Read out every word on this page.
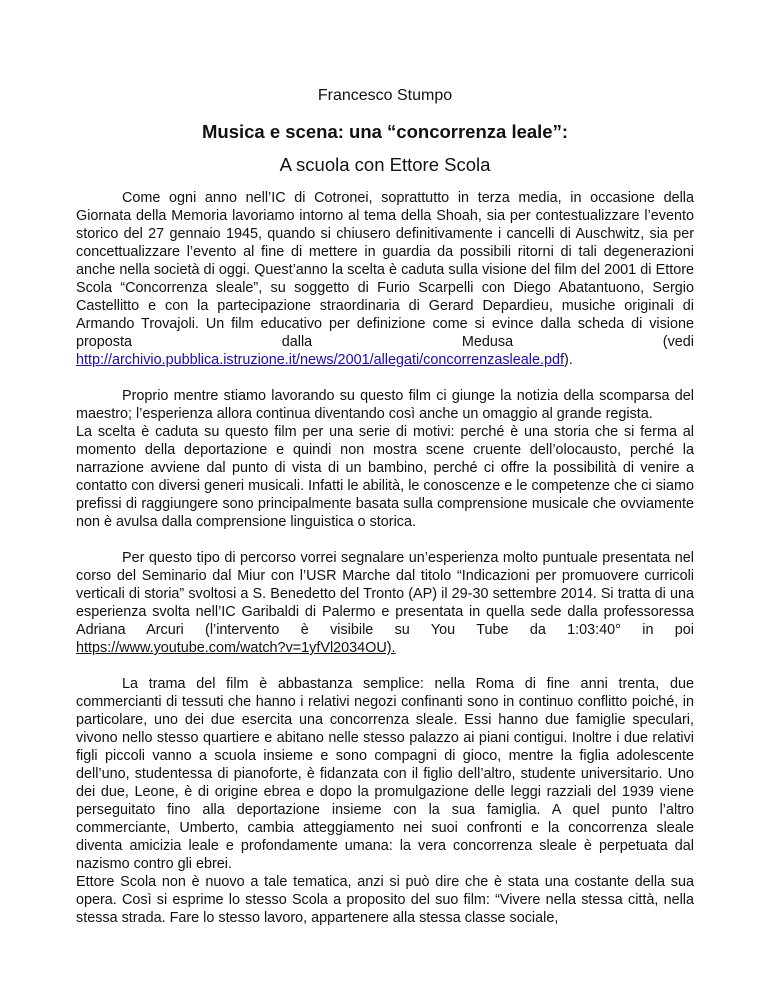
Francesco Stumpo
Musica e scena: una “concorrenza leale”:
A scuola con Ettore Scola

Come ogni anno nell’IC di Cotronei, soprattutto in terza media, in occasione della Giornata della Memoria lavoriamo intorno al tema della Shoah, sia per contestualizzare l’evento storico del 27 gennaio 1945, quando si chiusero definitivamente i cancelli di Auschwitz, sia per concettualizzare l’evento al fine di mettere in guardia da possibili ritorni di tali degenerazioni anche nella società di oggi. Quest’anno la scelta è caduta sulla visione del film del 2001 di Ettore Scola “Concorrenza sleale”, su soggetto di Furio Scarpelli con Diego Abatantuono, Sergio Castellitto e con la partecipazione straordinaria di Gerard Depardieu, musiche originali di Armando Trovajoli. Un film educativo per definizione come si evince dalla scheda di visione proposta dalla Medusa (vedi http://archivio.pubblica.istruzione.it/news/2001/allegati/concorrenzasleale.pdf).

Proprio mentre stiamo lavorando su questo film ci giunge la notizia della scomparsa del maestro; l’esperienza allora continua diventando così anche un omaggio al grande regista.

La scelta è caduta su questo film per una serie di motivi: perché è una storia che si ferma al momento della deportazione e quindi non mostra scene cruente dell’olocausto, perché la narrazione avviene dal punto di vista di un bambino, perché ci offre la possibilità di venire a contatto con diversi generi musicali. Infatti le abilità, le conoscenze e le competenze che ci siamo prefissi di raggiungere sono principalmente basata sulla comprensione musicale che ovviamente non è avulsa dalla comprensione linguistica o storica.

Per questo tipo di percorso vorrei segnalare un’esperienza molto puntuale presentata nel corso del Seminario dal Miur con l’USR Marche dal titolo “Indicazioni per promuovere curricoli verticali di storia” svoltosi a S. Benedetto del Tronto (AP) il 29-30 settembre 2014. Si tratta di una esperienza svolta nell’IC Garibaldi di Palermo e presentata in quella sede dalla professoressa Adriana Arcuri (l’intervento è visibile su You Tube da 1:03:40° in poi https://www.youtube.com/watch?v=1yfVl2034OU).

La trama del film è abbastanza semplice: nella Roma di fine anni trenta, due commercianti di tessuti che hanno i relativi negozi confinanti sono in continuo conflitto poiché, in particolare, uno dei due esercita una concorrenza sleale. Essi hanno due famiglie speculari, vivono nello stesso quartiere e abitano nelle stesso palazzo ai piani contigui. Inoltre i due relativi figli piccoli vanno a scuola insieme e sono compagni di gioco, mentre la figlia adolescente dell’uno, studentessa di pianoforte, è fidanzata con il figlio dell’altro, studente universitario. Uno dei due, Leone, è di origine ebrea e dopo la promulgazione delle leggi razziali del 1939 viene perseguitato fino alla deportazione insieme con la sua famiglia. A quel punto l’altro commerciante, Umberto, cambia atteggiamento nei suoi confronti e la concorrenza sleale diventa amicizia leale e profondamente umana: la vera concorrenza sleale è perpetuata dal nazismo contro gli ebrei.

Ettore Scola non è nuovo a tale tematica, anzi si può dire che è stata una costante della sua opera. Così si esprime lo stesso Scola a proposito del suo film: “Vivere nella stessa città, nella stessa strada. Fare lo stesso lavoro, appartenere alla stessa classe sociale,
